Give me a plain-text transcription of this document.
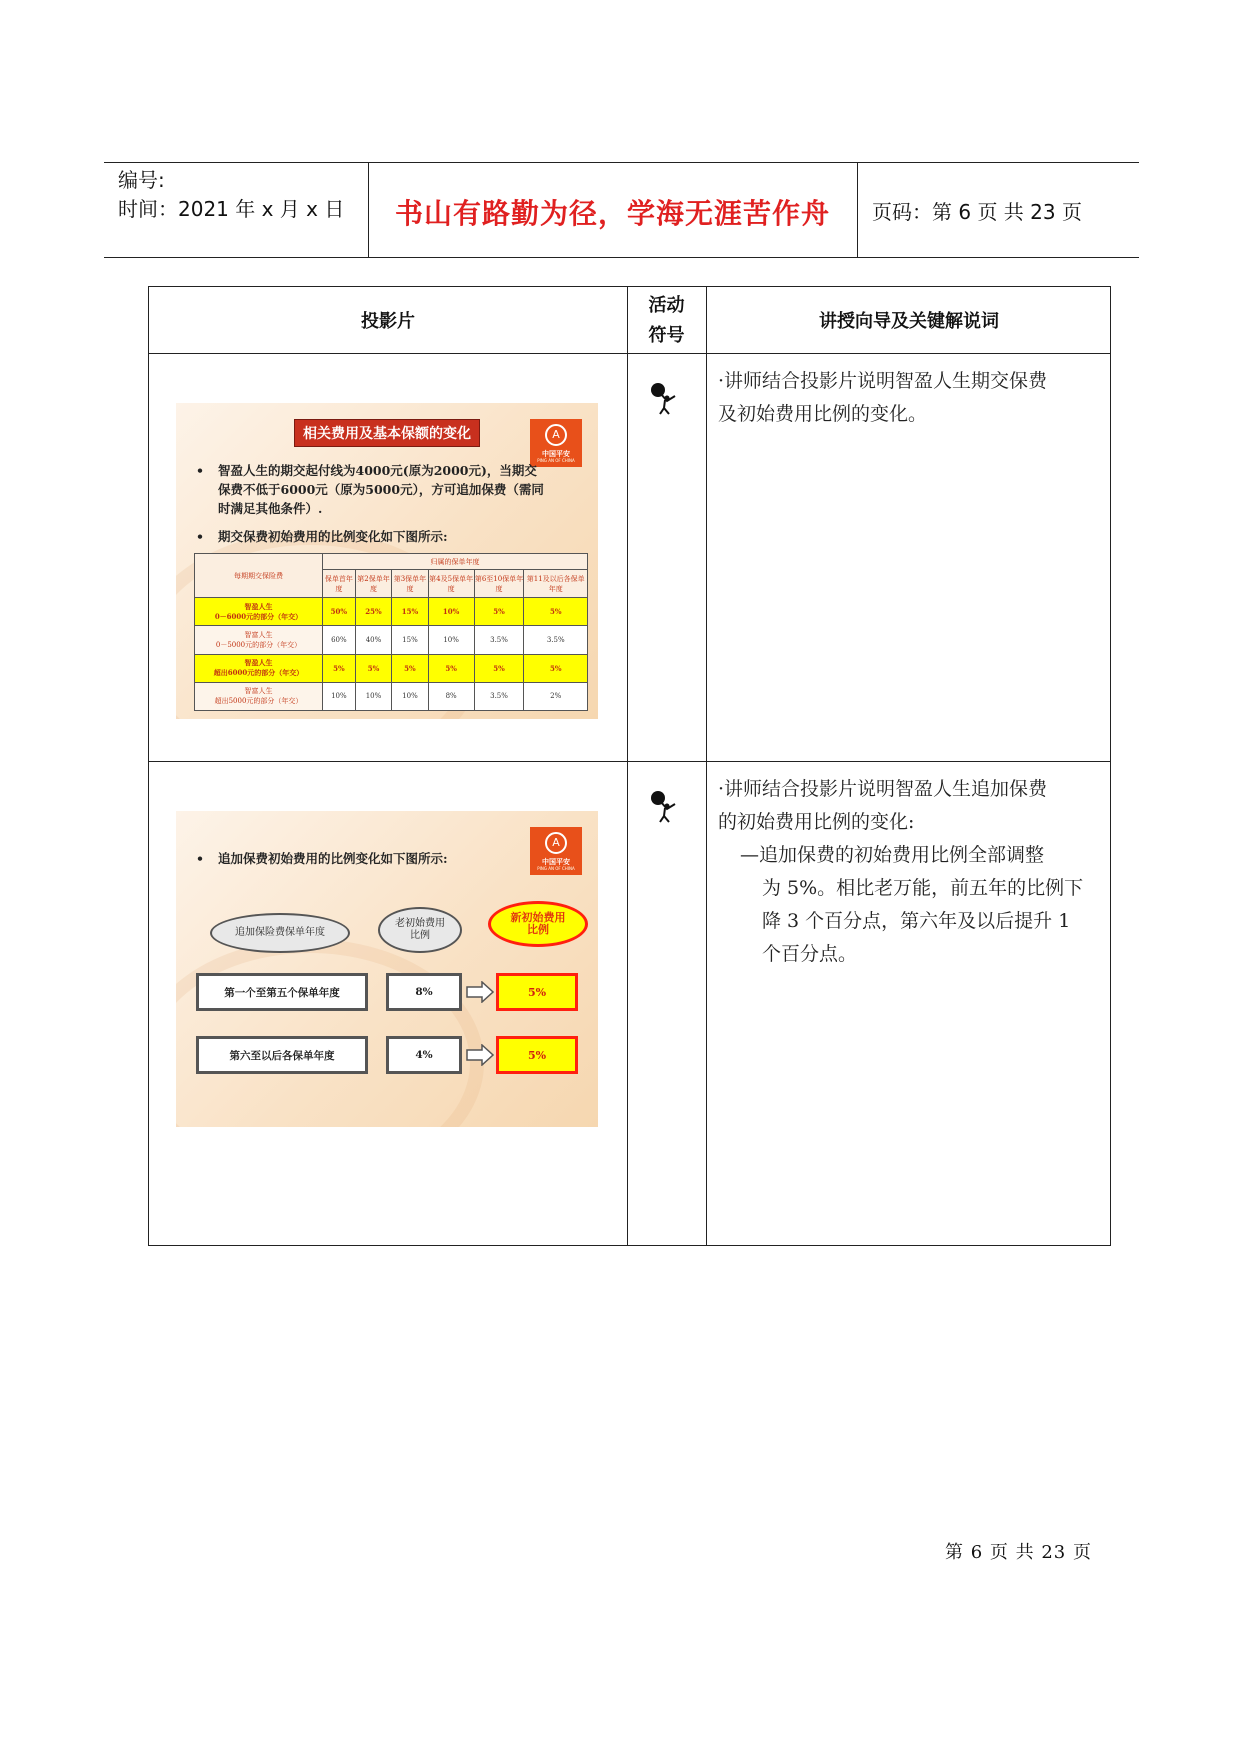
编号:
时间：2021 年 x 月 x 日 书山有路勤为径，学海无涯苦作舟 页码：第 6 页 共 23 页
投影片
活动
符号
讲授向导及关键解说词
·讲师结合投影片说明智盈人生期交保费
及初始费用比例的变化。
相关费用及基本保额的变化	A
中国平安
PING AN OF CHINA
• 智盈人生的期交起付线为4000元(原为2000元)，当期交
保费不低于6000元（原为5000元），方可追加保费（需同
时满足其他条件）.
• 期交保费初始费用的比例变化如下图所示:
每期期交保险费	归属的保单年度					
	保单首年度	第2保单年度	第3保单年度	第4及5保单年度	第6至10保单年度	第11及以后各保单年度

智盈人生
0－6000元的部分（年交）	50%	25%	15%	10%	5%	5%

智富人生
0－5000元的部分（年交）	60%	40%	15%	10%	3.5%	3.5%

智盈人生
超出6000元的部分（年交）	5%	5%	5%	5%	5%	5%

智富人生
超出5000元的部分（年交）	10%	10%	10%	8%	3.5%	2%
·讲师结合投影片说明智盈人生追加保费
的初始费用比例的变化:
—追加保费的初始费用比例全部调整
为 5%。相比老万能，前五年的比例下
降 3 个百分点，第六年及以后提升 1
个百分点。
A
中国平安
PING AN OF CHINA
• 追加保费初始费用的比例变化如下图所示:
追加保险费保单年度
老初始费用
比例
新初始费用
比例
第一个至第五个保单年度	8%	5%
第六至以后各保单年度	4%	5%
第 6 页 共 23 页
